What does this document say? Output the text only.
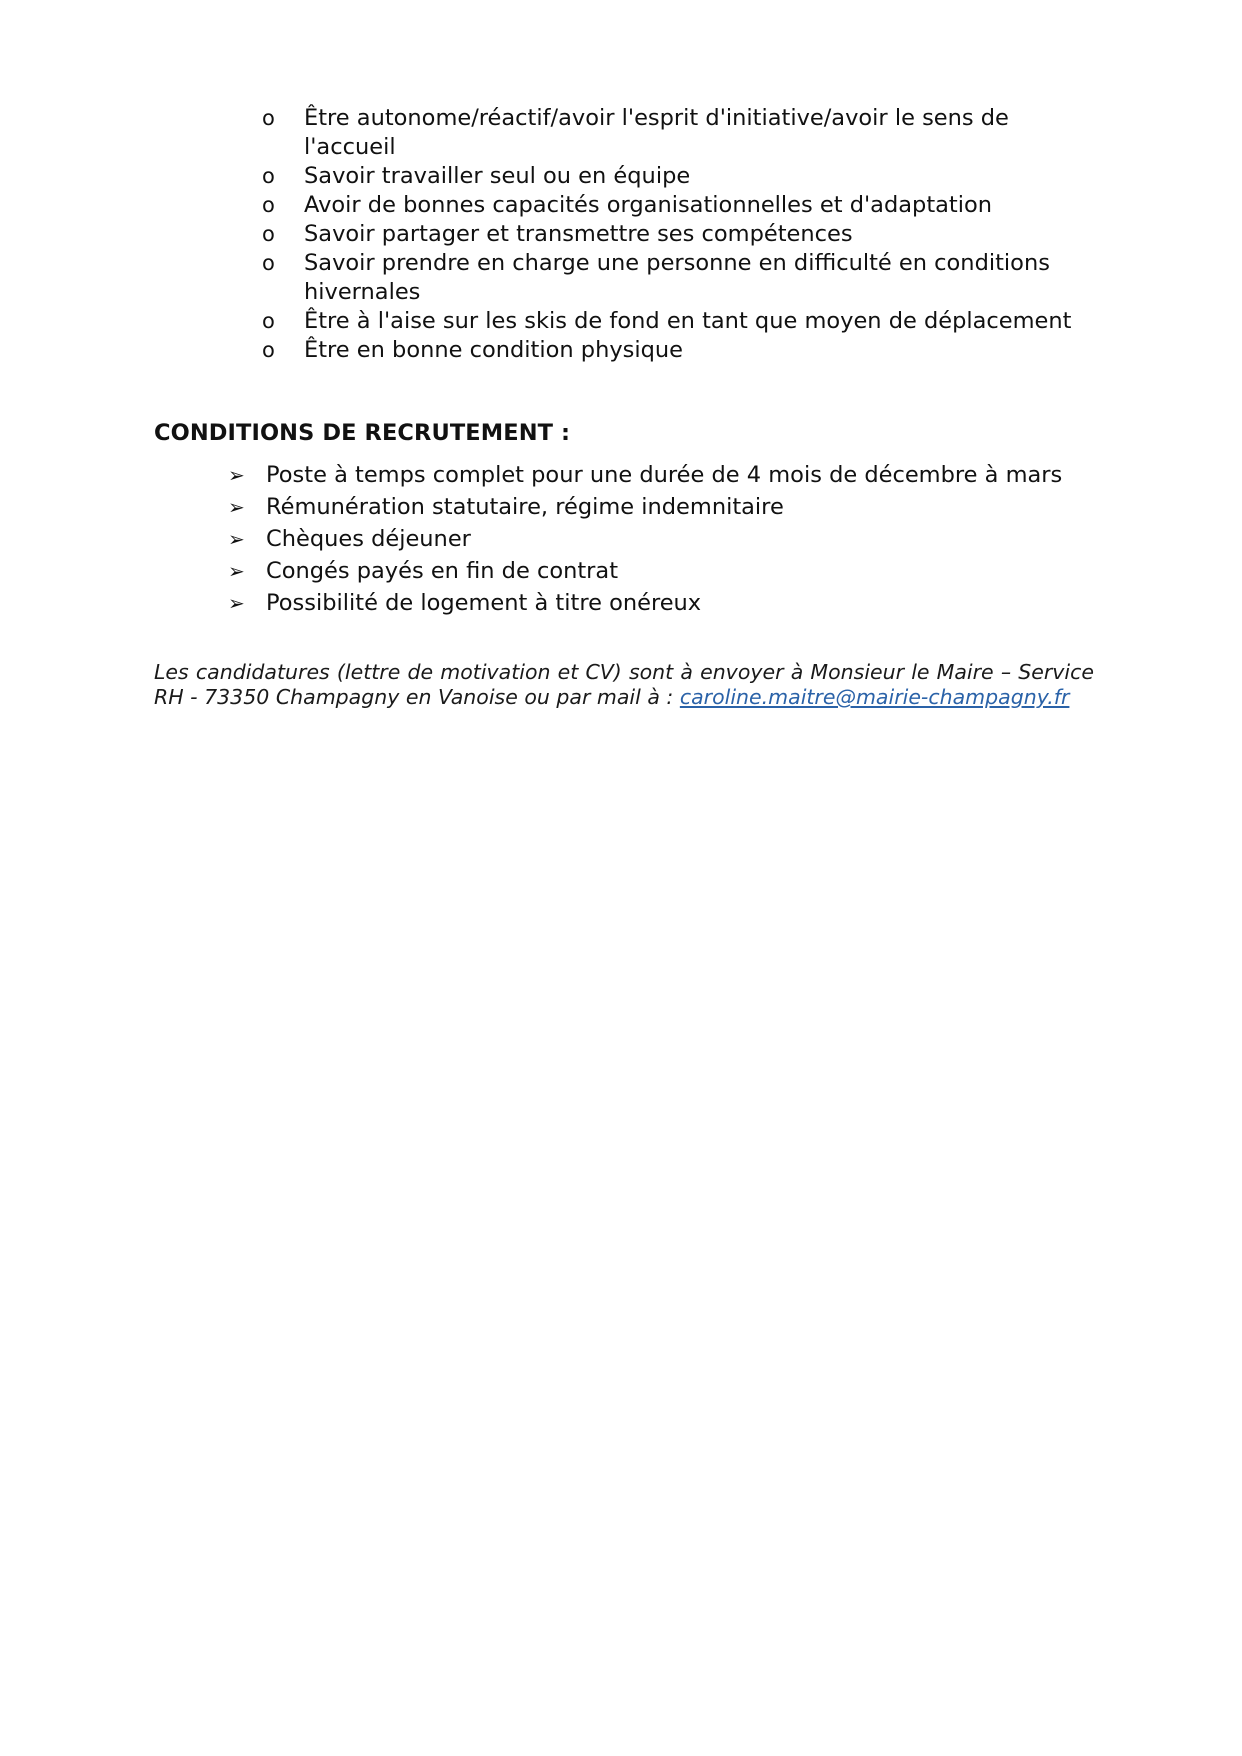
o	Être autonome/réactif/avoir l'esprit d'initiative/avoir le sens de l'accueil
o	Savoir travailler seul ou en équipe
o	Avoir de bonnes capacités organisationnelles et d'adaptation
o	Savoir partager et transmettre ses compétences
o	Savoir prendre en charge une personne en difficulté en conditions hivernales
o	Être à l'aise sur les skis de fond en tant que moyen de déplacement
o	Être en bonne condition physique
CONDITIONS DE RECRUTEMENT :
➢ Poste à temps complet pour une durée de 4 mois de décembre à mars
➢ Rémunération statutaire, régime indemnitaire
➢ Chèques déjeuner
➢ Congés payés en fin de contrat
➢ Possibilité de logement à titre onéreux

Les candidatures (lettre de motivation et CV) sont à envoyer à Monsieur le Maire – Service RH - 73350 Champagny en Vanoise ou par mail à : caroline.maitre@mairie-champagny.fr
